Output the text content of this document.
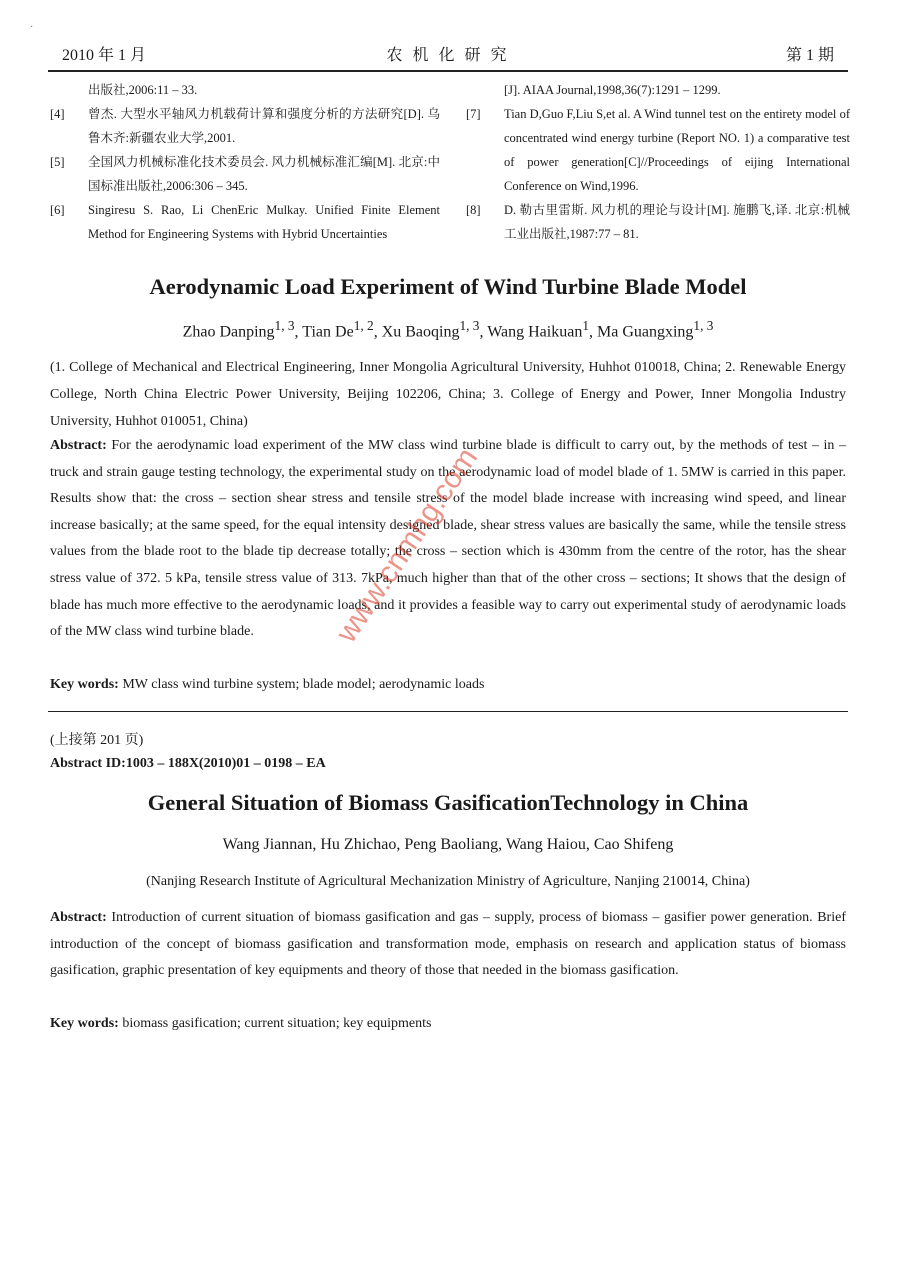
·
2010 年 1 月	农 机 化 研 究	第 1 期
出版社,2006:11 – 33.
[4] 曾杰. 大型水平轴风力机载荷计算和强度分析的方法研究[D]. 乌鲁木齐:新疆农业大学,2001.
[5] 全国风力机械标准化技术委员会. 风力机械标准汇编[M]. 北京:中国标准出版社,2006:306 – 345.
[6] Singiresu S. Rao, Li ChenEric Mulkay. Unified Finite Element Method for Engineering Systems with Hybrid Uncertainties
[J]. AIAA Journal,1998,36(7):1291 – 1299.
[7] Tian D,Guo F,Liu S,et al. A Wind tunnel test on the entirety model of concentrated wind energy turbine (Report NO. 1) a comparative test of power generation[C]//Proceedings of eijing International Conference on Wind,1996.
[8] D. 勒古里雷斯. 风力机的理论与设计[M]. 施鹏飞,译. 北京:机械工业出版社,1987:77 – 81.
Aerodynamic Load Experiment of Wind Turbine Blade Model
Zhao Danping$^{1, 3}$, Tian De$^{1, 2}$, Xu Baoqing$^{1, 3}$, Wang Haikuan$^1$, Ma Guangxing$^{1, 3}$
(1. College of Mechanical and Electrical Engineering, Inner Mongolia Agricultural University, Huhhot 010018, China; 2. Renewable Energy College, North China Electric Power University, Beijing 102206, China; 3. College of Energy and Power, Inner Mongolia Industry University, Huhhot 010051, China)
Abstract: For the aerodynamic load experiment of the MW class wind turbine blade is difficult to carry out, by the methods of test – in – truck and strain gauge testing technology, the experimental study on the aerodynamic load of model blade of 1. 5MW is carried in this paper. Results show that: the cross – section shear stress and tensile stress of the model blade increase with increasing wind speed, and linear increase basically; at the same speed, for the equal intensity designed blade, shear stress values are basically the same, while the tensile stress values from the blade root to the blade tip decrease totally; the cross – section which is 430mm from the centre of the rotor, has the shear stress value of 372. 5 kPa, tensile stress value of 313. 7kPa, much higher than that of the other cross – sections; It shows that the design of blade has much more effective to the aerodynamic loads, and it provides a feasible way to carry out experimental study of aerodynamic loads of the MW class wind turbine blade.
Key words: MW class wind turbine system; blade model; aerodynamic loads
(上接第 201 页)
Abstract ID:1003 – 188X(2010)01 – 0198 – EA
General Situation of Biomass GasificationTechnology in China
Wang Jiannan, Hu Zhichao, Peng Baoliang, Wang Haiou, Cao Shifeng
(Nanjing Research Institute of Agricultural Mechanization Ministry of Agriculture, Nanjing 210014, China)
Abstract: Introduction of current situation of biomass gasification and gas – supply, process of biomass – gasifier power generation. Brief introduction of the concept of biomass gasification and transformation mode, emphasis on research and application status of biomass gasification, graphic presentation of key equipments and theory of those that needed in the biomass gasification.
Key words: biomass gasification; current situation; key equipments
www.cnmhg.com
